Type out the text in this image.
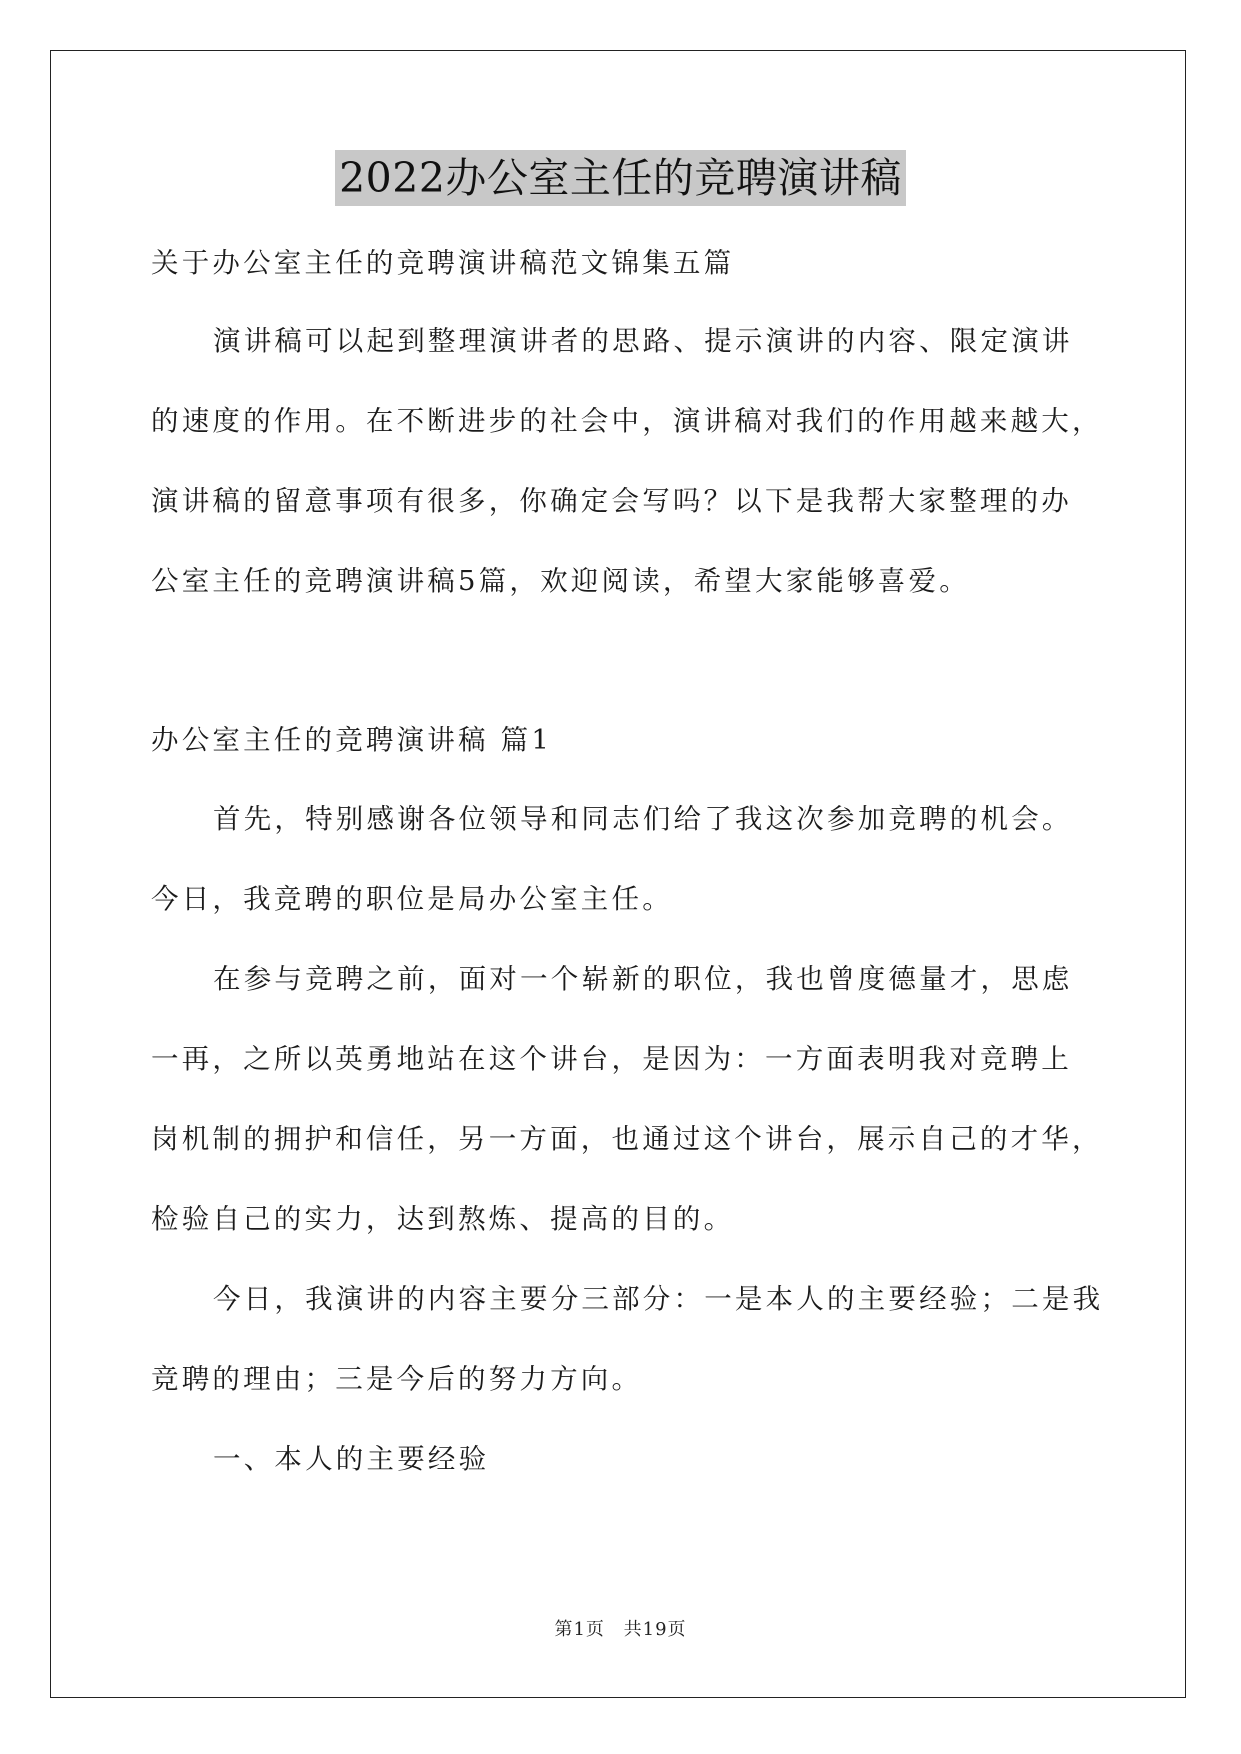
2022办公室主任的竞聘演讲稿
关于办公室主任的竞聘演讲稿范文锦集五篇
演讲稿可以起到整理演讲者的思路、提示演讲的内容、限定演讲
的速度的作用。在不断进步的社会中，演讲稿对我们的作用越来越大，
演讲稿的留意事项有很多，你确定会写吗？以下是我帮大家整理的办
公室主任的竞聘演讲稿5篇，欢迎阅读，希望大家能够喜爱。
办公室主任的竞聘演讲稿 篇1
首先，特别感谢各位领导和同志们给了我这次参加竞聘的机会。
今日，我竞聘的职位是局办公室主任。
在参与竞聘之前，面对一个崭新的职位，我也曾度德量才，思虑
一再，之所以英勇地站在这个讲台，是因为：一方面表明我对竞聘上
岗机制的拥护和信任，另一方面，也通过这个讲台，展示自己的才华，
检验自己的实力，达到熬炼、提高的目的。
今日，我演讲的内容主要分三部分：一是本人的主要经验；二是我
竞聘的理由；三是今后的努力方向。
一、本人的主要经验
第1页 共19页
